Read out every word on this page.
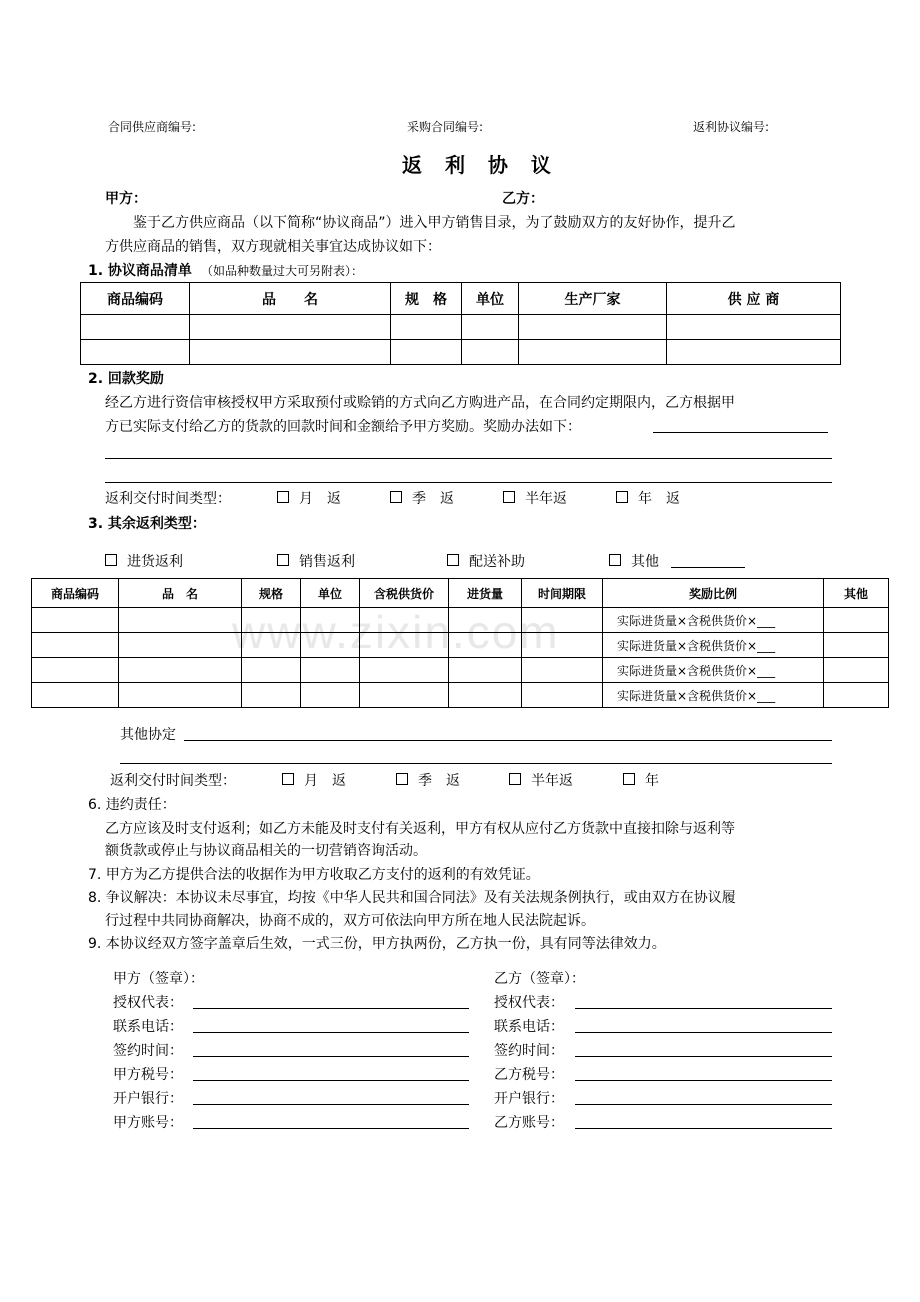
合同供应商编号:	采购合同编号:	返利协议编号:
返 利 协 议
甲方：	乙方：
鉴于乙方供应商品（以下简称“协议商品”）进入甲方销售目录，为了鼓励双方的友好协作，提升乙
方供应商品的销售，双方现就相关事宜达成协议如下：
1. 协议商品清单 （如品种数量过大可另附表）：
商品编码	品　　名	规　格	单位	生产厂家	供 应 商

2. 回款奖励
经乙方进行资信审核授权甲方采取预付或赊销的方式向乙方购进产品，在合同约定期限内，乙方根据甲
方已实际支付给乙方的货款的回款时间和金额给予甲方奖励。奖励办法如下：
返利交付时间类型：	月　返	季　返	半年返	年　返
3. 其余返利类型：
进货返利	销售返利	配送补助	其他
www.zixin.com
商品编码	品　名	规格	单位	含税供货价	进货量	时间期限	奖励比例	其他
							实际进货量×含税供货价×___	
							实际进货量×含税供货价×___	
							实际进货量×含税供货价×___	
							实际进货量×含税供货价×___	
其他协定
返利交付时间类型：	月　返	季　返	半年返	年
6. 违约责任：
乙方应该及时支付返利；如乙方未能及时支付有关返利，甲方有权从应付乙方货款中直接扣除与返利等
额货款或停止与协议商品相关的一切营销咨询活动。
7. 甲方为乙方提供合法的收据作为甲方收取乙方支付的返利的有效凭证。
8. 争议解决：本协议未尽事宜，均按《中华人民共和国合同法》及有关法规条例执行，或由双方在协议履
行过程中共同协商解决，协商不成的，双方可依法向甲方所在地人民法院起诉。
9. 本协议经双方签字盖章后生效，一式三份，甲方执两份，乙方执一份，具有同等法律效力。
甲方（签章）：	乙方（签章）：
授权代表：	授权代表：
联系电话：	联系电话：
签约时间：	签约时间：
甲方税号：	乙方税号：
开户银行：	开户银行：
甲方账号：	乙方账号：
